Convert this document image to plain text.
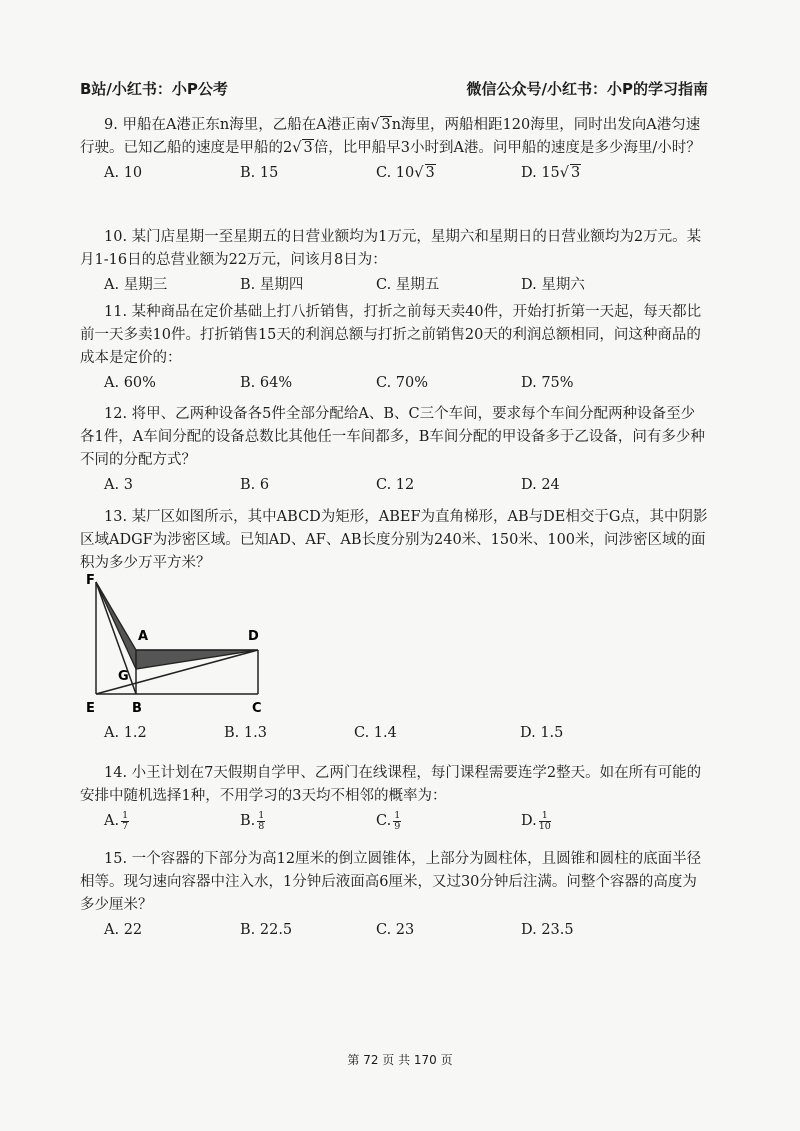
B站/小红书：小P公考	微信公众号/小红书：小P的学习指南

9. 甲船在A港正东n海里，乙船在A港正南√ 3n海里，两船相距120海里，同时出发向A港匀速行驶。已知乙船的速度是甲船的2√ 3倍，比甲船早3小时到A港。问甲船的速度是多少海里/小时？

A. 10	B. 15	C. 10√ 3	D. 15√ 3

10. 某门店星期一至星期五的日营业额均为1万元，星期六和星期日的日营业额均为2万元。某月1-16日的总营业额为22万元，问该月8日为：

A. 星期三	B. 星期四	C. 星期五	D. 星期六

11. 某种商品在定价基础上打八折销售，打折之前每天卖40件，开始打折第一天起，每天都比前一天多卖10件。打折销售15天的利润总额与打折之前销售20天的利润总额相同，问这种商品的成本是定价的：

A. 60%	B. 64%	C. 70%	D. 75%

12. 将甲、乙两种设备各5件全部分配给A、B、C三个车间，要求每个车间分配两种设备至少各1件，A车间分配的设备总数比其他任一车间都多，B车间分配的甲设备多于乙设备，问有多少种不同的分配方式？

A. 3	B. 6	C. 12	D. 24

13. 某厂区如图所示，其中ABCD为矩形，ABEF为直角梯形，AB与DE相交于G点，其中阴影区域ADGF为涉密区域。已知AD、AF、AB长度分别为240米、150米、100米，问涉密区域的面积为多少万平方米？

F
A	D
G
E	B	C
A. 1.2	B. 1.3	C. 1.4	D. 1.5

14. 小王计划在7天假期自学甲、乙两门在线课程，每门课程需要连学2整天。如在所有可能的安排中随机选择1种，不用学习的3天均不相邻的概率为：

A. $\frac{1}{7}$	B. $\frac{1}{8}$	C. $\frac{1}{9}$	D. $\frac{1}{10}$

15. 一个容器的下部分为高12厘米的倒立圆锥体，上部分为圆柱体，且圆锥和圆柱的底面半径相等。现匀速向容器中注入水，1分钟后液面高6厘米，又过30分钟后注满。问整个容器的高度为多少厘米？

A. 22	B. 22.5	C. 23	D. 23.5
第 72 页 共 170 页
